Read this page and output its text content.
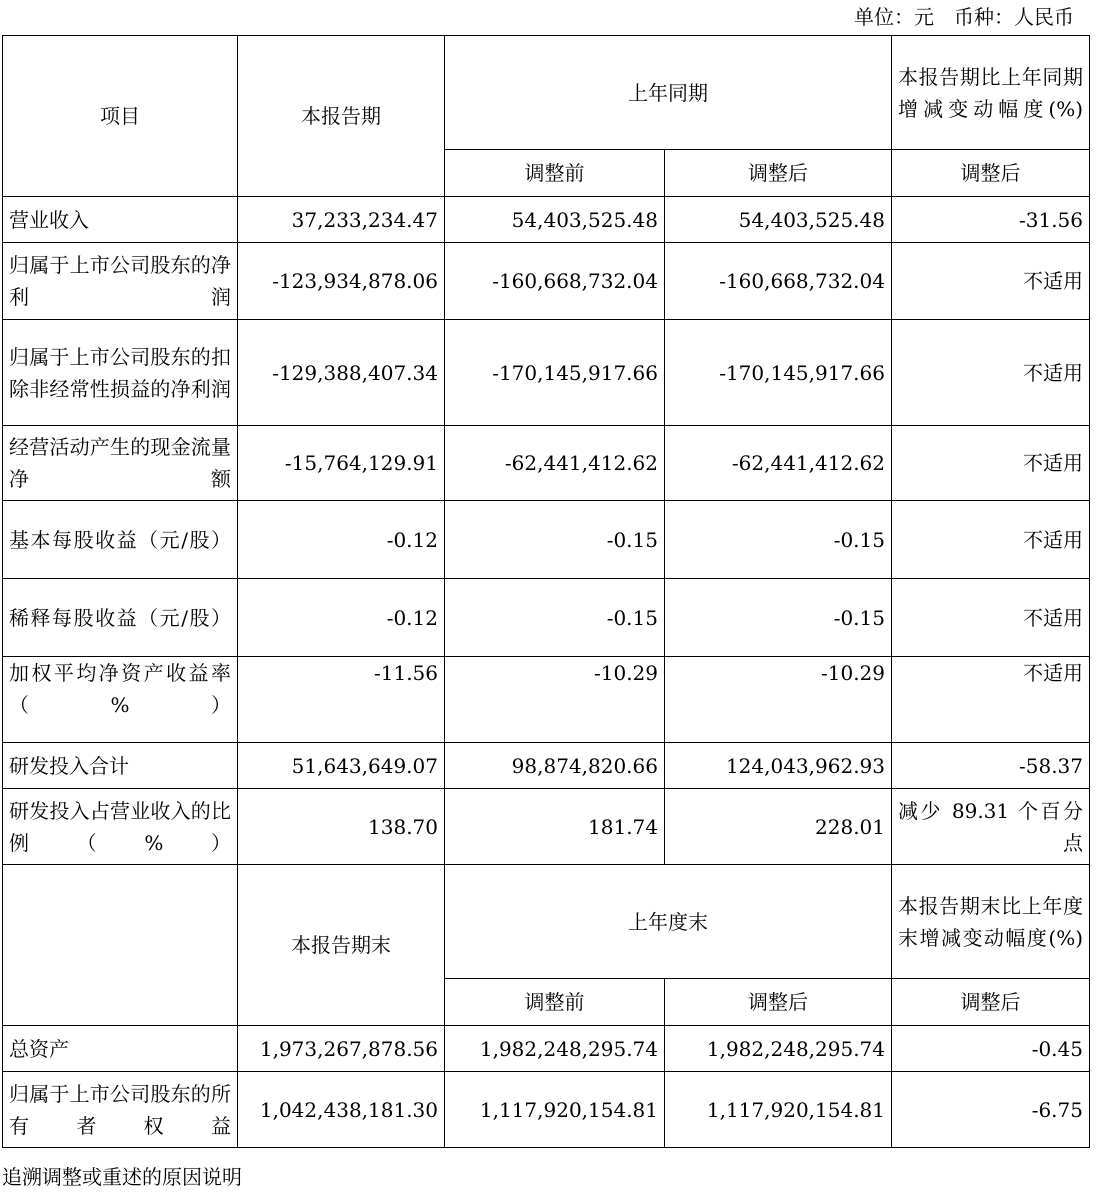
单位：元　币种：人民币
项目	本报告期	上年同期		本报告期比上年同期增减变动幅度(%)
		调整前	调整后	调整后
营业收入	37,233,234.47	54,403,525.48	54,403,525.48	-31.56
归属于上市公司股东的净利润	-123,934,878.06	-160,668,732.04	-160,668,732.04	不适用
归属于上市公司股东的扣除非经常性损益的净利润	-129,388,407.34	-170,145,917.66	-170,145,917.66	不适用
经营活动产生的现金流量净额	-15,764,129.91	-62,441,412.62	-62,441,412.62	不适用
基本每股收益（元/股）	-0.12	-0.15	-0.15	不适用
稀释每股收益（元/股）	-0.12	-0.15	-0.15	不适用
加权平均净资产收益率（%）	-11.56	-10.29	-10.29	不适用
研发投入合计	51,643,649.07	98,874,820.66	124,043,962.93	-58.37
研发投入占营业收入的比例（%）	138.70	181.74	228.01	减少 89.31 个百分点
	本报告期末	上年度末		本报告期末比上年度末增减变动幅度(%)
		调整前	调整后	调整后
总资产	1,973,267,878.56	1,982,248,295.74	1,982,248,295.74	-0.45
归属于上市公司股东的所有者权益	1,042,438,181.30	1,117,920,154.81	1,117,920,154.81	-6.75
追溯调整或重述的原因说明
